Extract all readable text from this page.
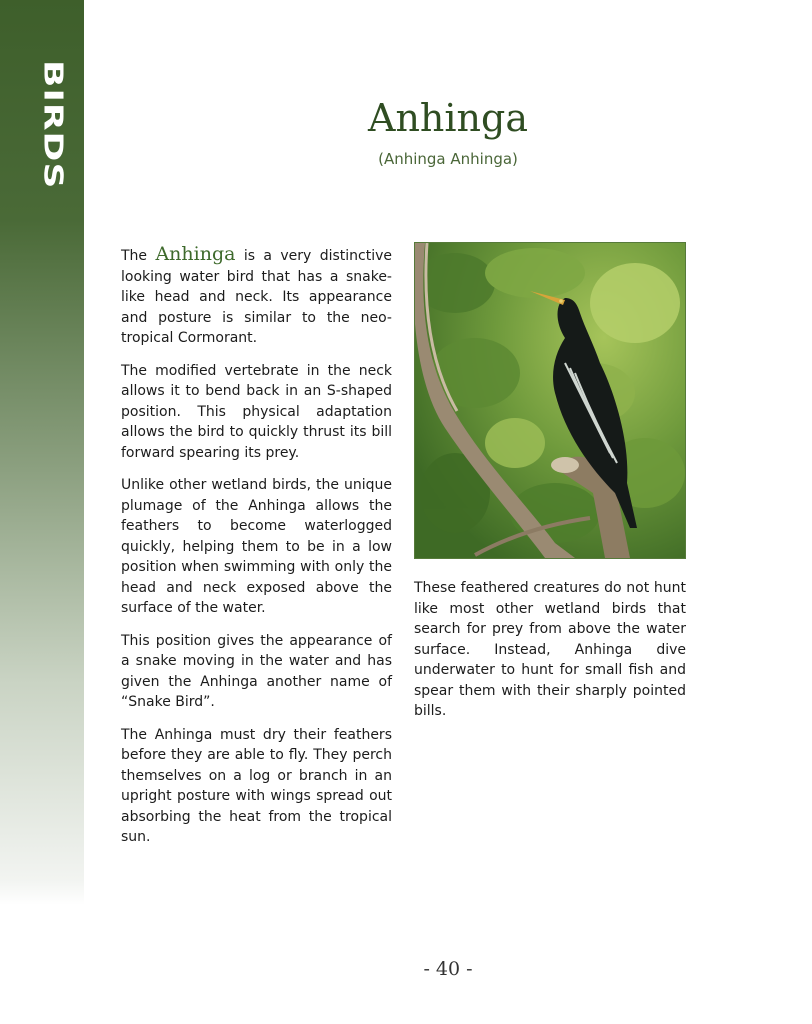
BIRDS	Anhinga
(Anhinga Anhinga)

The Anhinga is a very distinctive looking water bird that has a snake-like head and neck. Its appearance and posture is similar to the neo-tropical Cormorant.

The modified vertebrate in the neck allows it to bend back in an S-shaped position. This physical adaptation allows the bird to quickly thrust its bill forward spearing its prey.

Unlike other wetland birds, the unique plumage of the Anhinga allows the feathers to become waterlogged quickly, helping them to be in a low position when swimming with only the head and neck exposed above the surface of the water.

This position gives the appearance of a snake moving in the water and has given the Anhinga another name of “Snake Bird”.

The Anhinga must dry their feathers before they are able to fly. They perch themselves on a log or branch in an upright posture with wings spread out absorbing the heat from the tropical sun.

These feathered creatures do not hunt like most other wetland birds that search for prey from above the water surface. Instead, Anhinga dive underwater to hunt for small fish and spear them with their sharply pointed bills.

- 40 -
